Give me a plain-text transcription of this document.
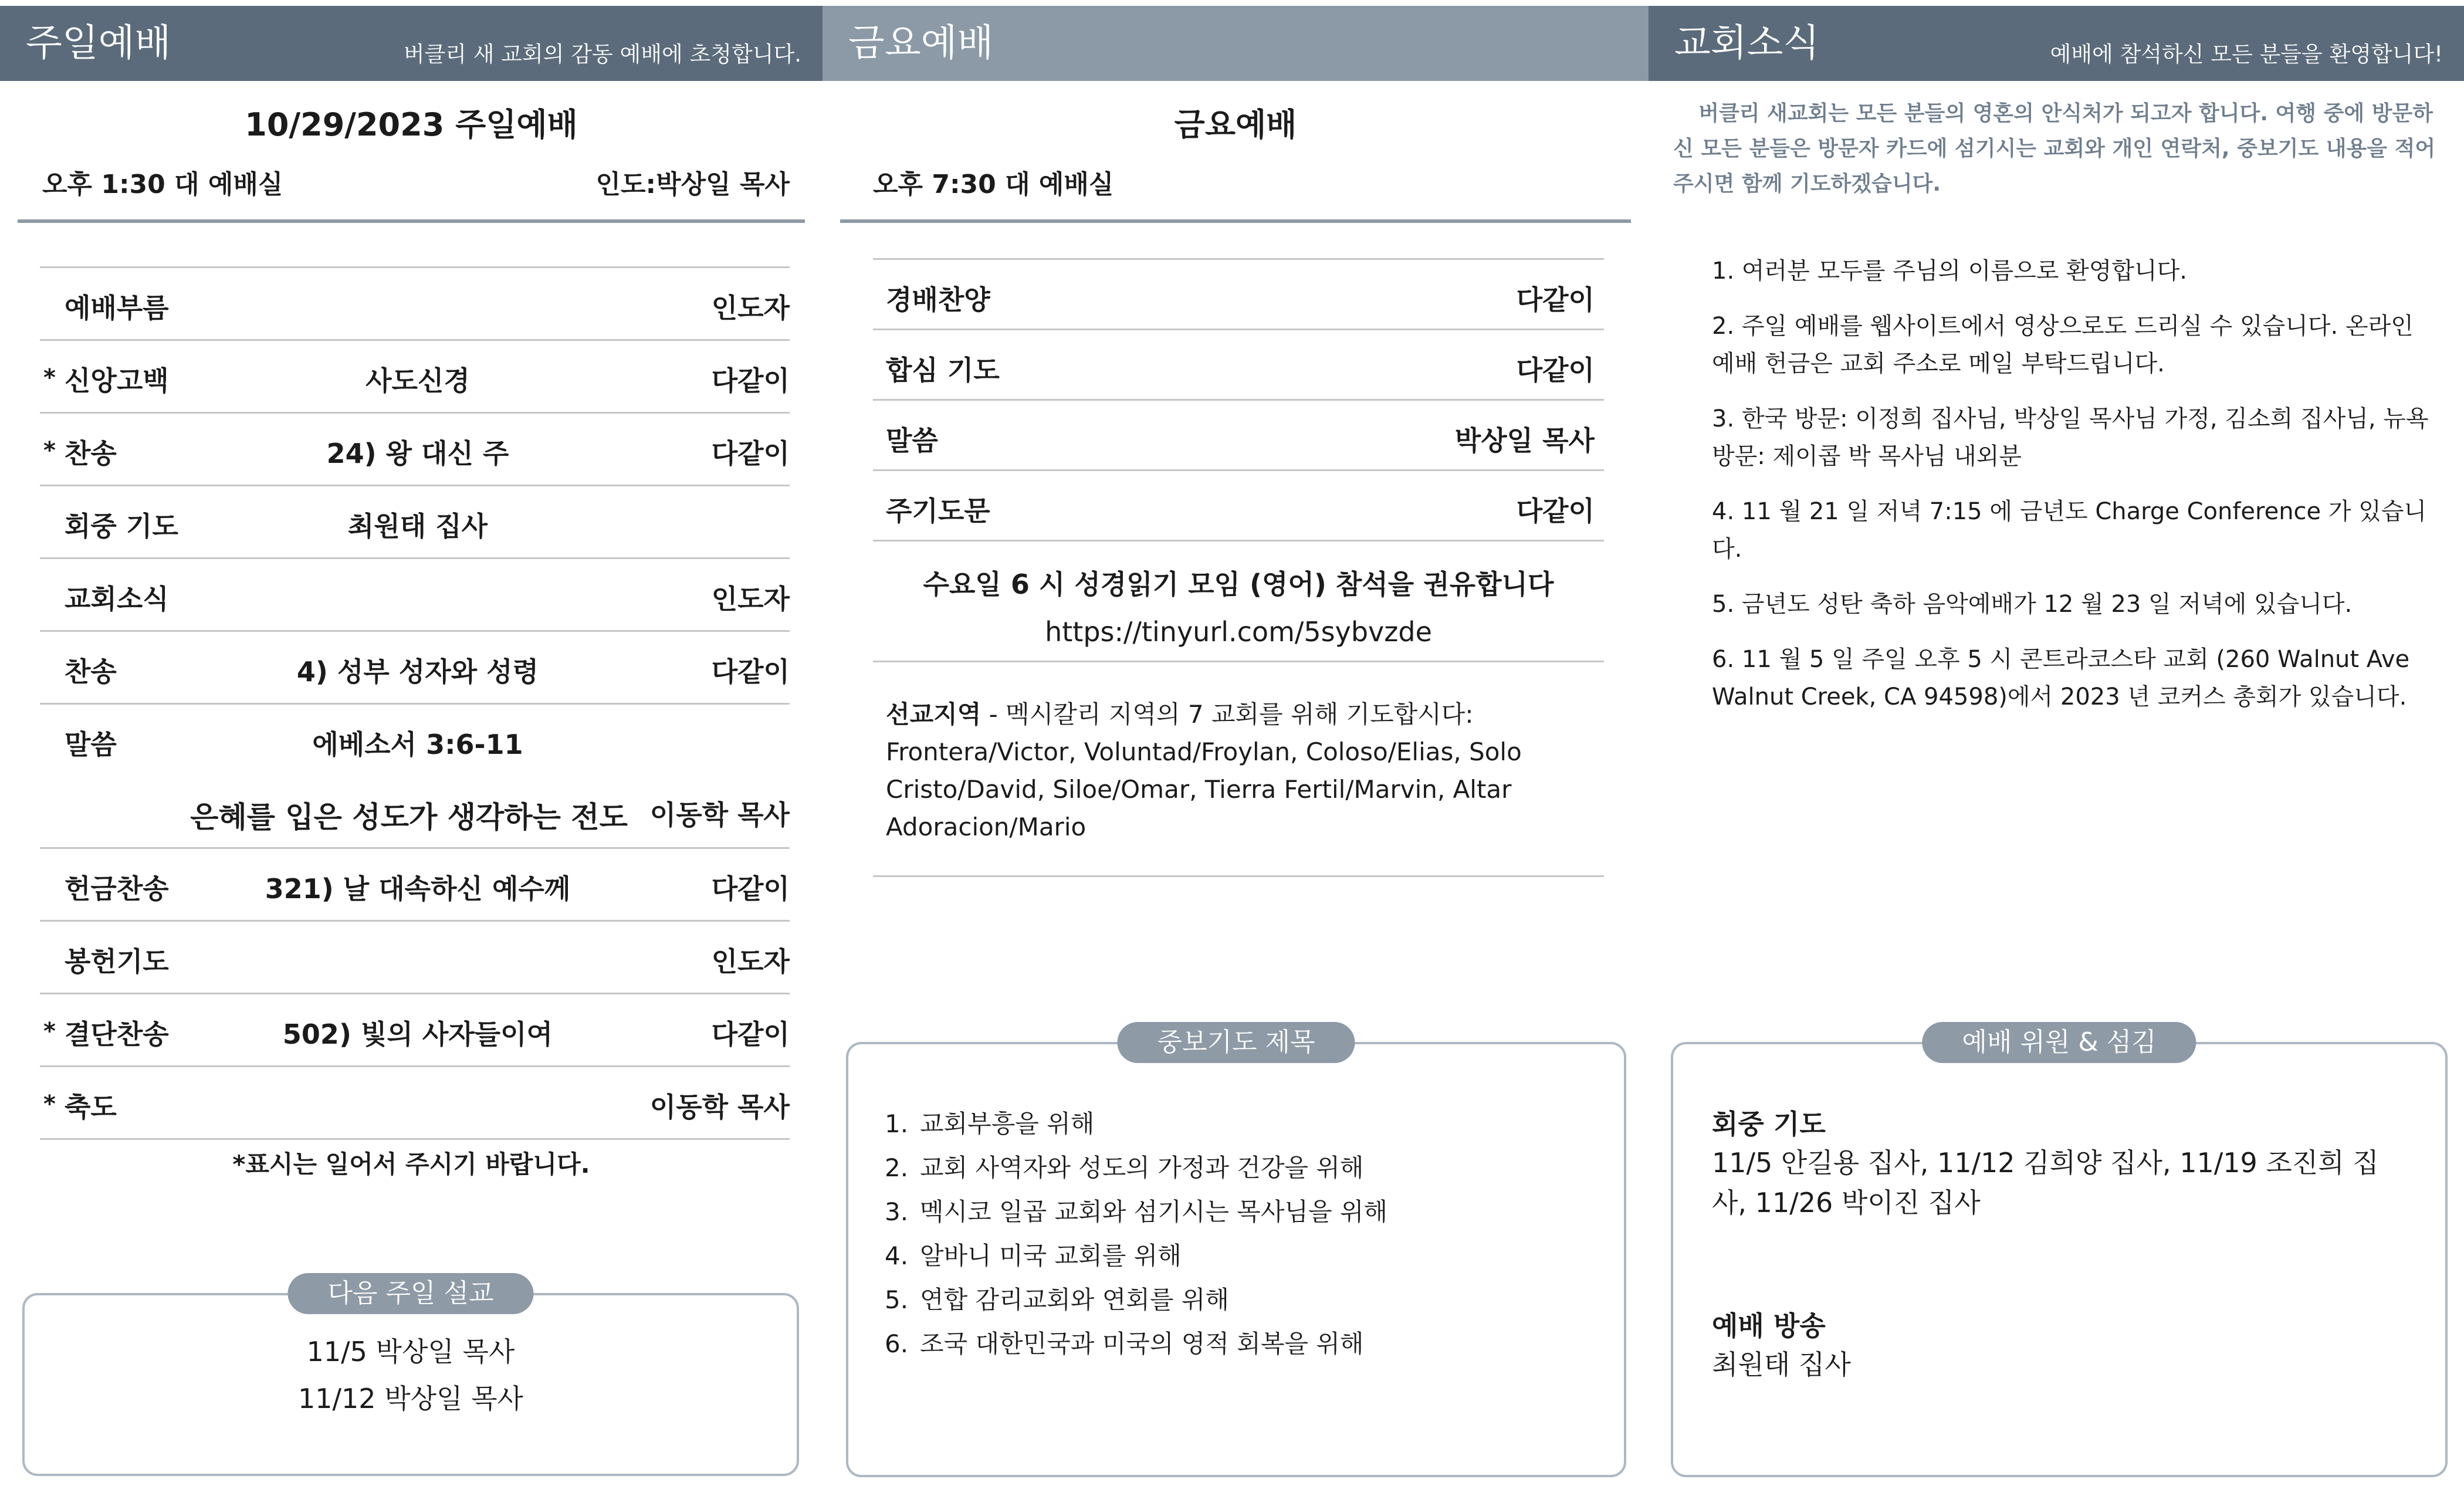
주일예배	버클리 새 교회의 감동 예배에 초청합니다.
10/29/2023 주일예배
오후 1:30 대 예배실	인도:박상일 목사
예배부름	인도자
* 신앙고백	사도신경	다같이
* 찬송	24) 왕 대신 주	다같이
회중 기도	최원태 집사
교회소식	인도자
찬송	4) 성부 성자와 성령	다같이
말씀	에베소서 3:6-11
은혜를 입은 성도가 생각하는 전도 이동학 목사
헌금찬송	321) 날 대속하신 예수께	다같이
봉헌기도	인도자
* 결단찬송	502) 빛의 사자들이여	다같이
* 축도	이동학 목사
*표시는 일어서 주시기 바랍니다.
다음 주일 설교
11/5 박상일 목사
11/12 박상일 목사
금요예배
금요예배
오후 7:30 대 예배실
경배찬양	다같이
합심 기도	다같이
말씀	박상일 목사
주기도문	다같이
수요일 6 시 성경읽기 모임 (영어) 참석을 권유합니다
https://tinyurl.com/5sybvzde
선교지역 - 멕시칼리 지역의 7 교회를 위해 기도합시다: Frontera/Victor, Voluntad/Froylan, Coloso/Elias, Solo Cristo/David, Siloe/Omar, Tierra Fertil/Marvin, Altar Adoracion/Mario
중보기도 제목
1. 교회부흥을 위해
2. 교회 사역자와 성도의 가정과 건강을 위해
3. 멕시코 일곱 교회와 섬기시는 목사님을 위해
4. 알바니 미국 교회를 위해
5. 연합 감리교회와 연회를 위해
6. 조국 대한민국과 미국의 영적 회복을 위해
교회소식	예배에 참석하신 모든 분들을 환영합니다!
버클리 새교회는 모든 분들의 영혼의 안식처가 되고자 합니다. 여행 중에 방문하신 모든 분들은 방문자 카드에 섬기시는 교회와 개인 연락처, 중보기도 내용을 적어 주시면 함께 기도하겠습니다.
1. 여러분 모두를 주님의 이름으로 환영합니다.
2. 주일 예배를 웹사이트에서 영상으로도 드리실 수 있습니다. 온라인 예배 헌금은 교회 주소로 메일 부탁드립니다.
3. 한국 방문: 이정희 집사님, 박상일 목사님 가정, 김소희 집사님, 뉴욕 방문: 제이콥 박 목사님 내외분
4. 11 월 21 일 저녁 7:15 에 금년도 Charge Conference 가 있습니다.
5. 금년도 성탄 축하 음악예배가 12 월 23 일 저녁에 있습니다.
6. 11 월 5 일 주일 오후 5 시 콘트라코스타 교회 (260 Walnut Ave Walnut Creek, CA 94598)에서 2023 년 코커스 총회가 있습니다.
예배 위원 & 섬김
회중 기도
11/5 안길용 집사, 11/12 김희양 집사, 11/19 조진희 집사, 11/26 박이진 집사
예배 방송
최원태 집사
